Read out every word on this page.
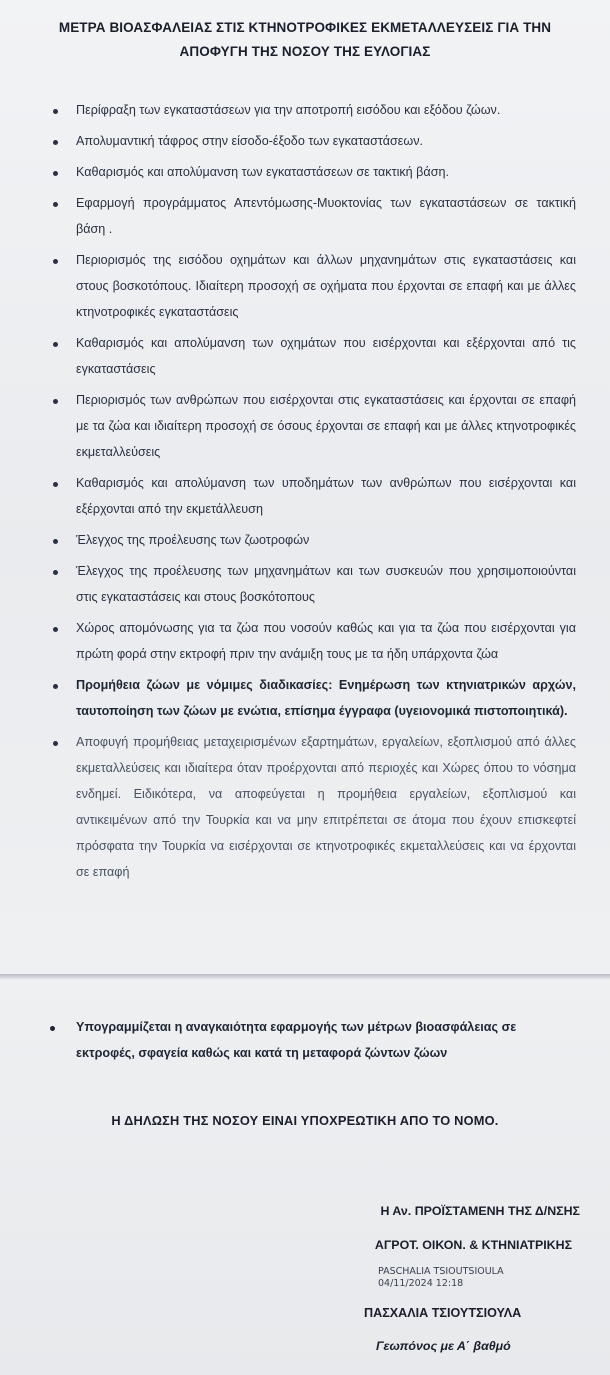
ΜΕΤΡΑ ΒΙΟΑΣΦΑΛΕΙΑΣ ΣΤΙΣ ΚΤΗΝΟΤΡΟΦΙΚΕΣ ΕΚΜΕΤΑΛΛΕΥΣΕΙΣ ΓΙΑ ΤΗΝ
ΑΠΟΦΥΓΗ ΤΗΣ ΝΟΣΟΥ ΤΗΣ ΕΥΛΟΓΙΑΣ
Περίφραξη των εγκαταστάσεων για την αποτροπή εισόδου και εξόδου ζώων.
Απολυμαντική τάφρος στην είσοδο-έξοδο των εγκαταστάσεων.
Καθαρισμός και απολύμανση των εγκαταστάσεων σε τακτική βάση.
Εφαρμογή προγράμματος Απεντόμωσης-Μυοκτονίας των εγκαταστάσεων σε τακτική βάση .
Περιορισμός της εισόδου οχημάτων και άλλων μηχανημάτων στις εγκαταστάσεις και στους βοσκοτόπους. Ιδιαίτερη προσοχή σε οχήματα που έρχονται σε επαφή και με άλλες κτηνοτροφικές εγκαταστάσεις
Καθαρισμός και απολύμανση των οχημάτων που εισέρχονται και εξέρχονται από τις εγκαταστάσεις
Περιορισμός των ανθρώπων που εισέρχονται στις εγκαταστάσεις και έρχονται σε επαφή με τα ζώα και ιδιαίτερη προσοχή σε όσους έρχονται σε επαφή και με άλλες κτηνοτροφικές εκμεταλλεύσεις
Καθαρισμός και απολύμανση των υποδημάτων των ανθρώπων που εισέρχονται και εξέρχονται από την εκμετάλλευση
Έλεγχος της προέλευσης των ζωοτροφών
Έλεγχος της προέλευσης των μηχανημάτων και των συσκευών που χρησιμοποιούνται στις εγκαταστάσεις και στους βοσκότοπους
Χώρος απομόνωσης για τα ζώα που νοσούν καθώς και για τα ζώα που εισέρχονται για πρώτη φορά στην εκτροφή πριν την ανάμιξη τους με τα ήδη υπάρχοντα ζώα
Προμήθεια ζώων με νόμιμες διαδικασίες: Ενημέρωση των κτηνιατρικών αρχών, ταυτοποίηση των ζώων με ενώτια, επίσημα έγγραφα (υγειονομικά πιστοποιητικά).
Αποφυγή προμήθειας μεταχειρισμένων εξαρτημάτων, εργαλείων, εξοπλισμού από άλλες εκμεταλλεύσεις και ιδιαίτερα όταν προέρχονται από περιοχές και Χώρες όπου το νόσημα ενδημεί. Ειδικότερα, να αποφεύγεται η προμήθεια εργαλείων, εξοπλισμού και αντικειμένων από την Τουρκία και να μην επιτρέπεται σε άτομα που έχουν επισκεφτεί πρόσφατα την Τουρκία να εισέρχονται σε κτηνοτροφικές εκμεταλλεύσεις και να έρχονται σε επαφή
Υπογραμμίζεται η αναγκαιότητα εφαρμογής των μέτρων βιοασφάλειας σε εκτροφές, σφαγεία καθώς και κατά τη μεταφορά ζώντων ζώων
Η ΔΗΛΩΣΗ ΤΗΣ ΝΟΣΟΥ ΕΙΝΑΙ ΥΠΟΧΡΕΩΤΙΚΗ ΑΠΟ ΤΟ ΝΟΜΟ.
Η Αν. ΠΡΟΪΣΤΑΜΕΝΗ ΤΗΣ Δ/ΝΣΗΣ
ΑΓΡΟΤ. ΟΙΚΟΝ. & ΚΤΗΝΙΑΤΡΙΚΗΣ
PASCHALIA TSIOUTSIOULA
04/11/2024 12:18
ΠΑΣΧΑΛΙΑ ΤΣΙΟΥΤΣΙΟΥΛΑ
Γεωπόνος με Α΄ βαθμό
